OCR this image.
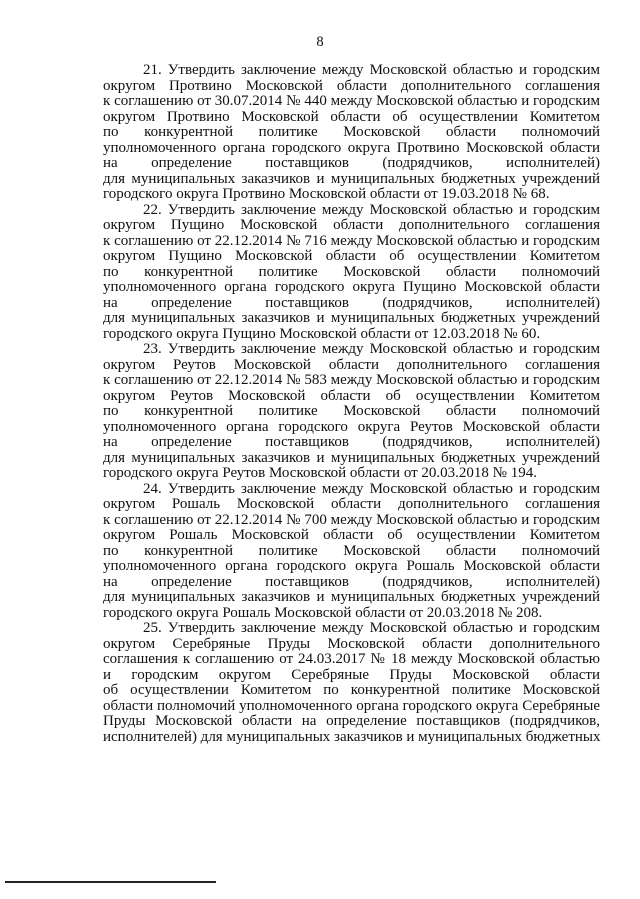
8

21. Утвердить заключение между Московской областью и городским
округом Протвино Московской области дополнительного соглашения
к соглашению от 30.07.2014 № 440 между Московской областью и городским
округом Протвино Московской области об осуществлении Комитетом
по конкурентной политике Московской области полномочий
уполномоченного органа городского округа Протвино Московской области
на определение поставщиков (подрядчиков, исполнителей)
для муниципальных заказчиков и муниципальных бюджетных учреждений
городского округа Протвино Московской области от 19.03.2018 № 68.

22. Утвердить заключение между Московской областью и городским
округом Пущино Московской области дополнительного соглашения
к соглашению от 22.12.2014 № 716 между Московской областью и городским
округом Пущино Московской области об осуществлении Комитетом
по конкурентной политике Московской области полномочий
уполномоченного органа городского округа Пущино Московской области
на определение поставщиков (подрядчиков, исполнителей)
для муниципальных заказчиков и муниципальных бюджетных учреждений
городского округа Пущино Московской области от 12.03.2018 № 60.

23. Утвердить заключение между Московской областью и городским
округом Реутов Московской области дополнительного соглашения
к соглашению от 22.12.2014 № 583 между Московской областью и городским
округом Реутов Московской области об осуществлении Комитетом
по конкурентной политике Московской области полномочий
уполномоченного органа городского округа Реутов Московской области
на определение поставщиков (подрядчиков, исполнителей)
для муниципальных заказчиков и муниципальных бюджетных учреждений
городского округа Реутов Московской области от 20.03.2018 № 194.

24. Утвердить заключение между Московской областью и городским
округом Рошаль Московской области дополнительного соглашения
к соглашению от 22.12.2014 № 700 между Московской областью и городским
округом Рошаль Московской области об осуществлении Комитетом
по конкурентной политике Московской области полномочий
уполномоченного органа городского округа Рошаль Московской области
на определение поставщиков (подрядчиков, исполнителей)
для муниципальных заказчиков и муниципальных бюджетных учреждений
городского округа Рошаль Московской области от 20.03.2018 № 208.

25. Утвердить заключение между Московской областью и городским
округом Серебряные Пруды Московской области дополнительного
соглашения к соглашению от 24.03.2017 № 18 между Московской областью
и городским округом Серебряные Пруды Московской области
об осуществлении Комитетом по конкурентной политике Московской
области полномочий уполномоченного органа городского округа Серебряные
Пруды Московской области на определение поставщиков (подрядчиков,
исполнителей) для муниципальных заказчиков и муниципальных бюджетных
